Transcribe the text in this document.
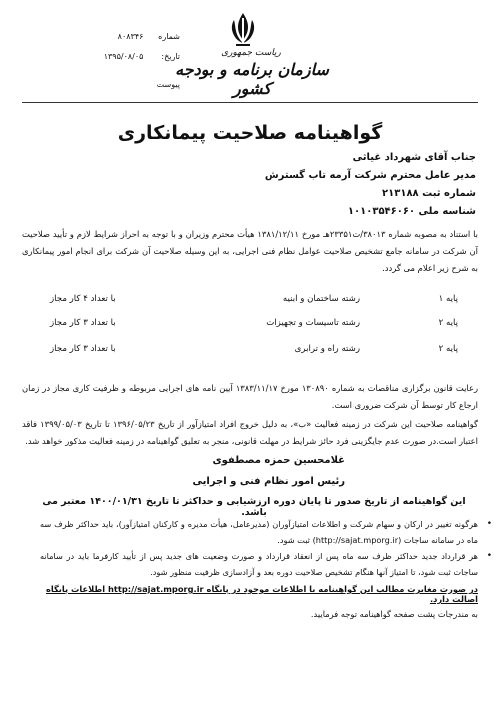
ریاست جمهوری
سازمان برنامه و بودجه کشور
شماره ۸۰۸۳۴۶
تاریخ: ۱۳۹۵/۰۸/۰۵
پیوست
گواهینامه صلاحیت پیمانکاری
جناب آقای شهرداد غیاثی
مدیر عامل محترم شرکت آرمه تاب گسترش
شماره ثبت ۲۱۳۱۸۸
شناسه ملی ۱۰۱۰۳۵۴۶۰۶۰
با استناد به مصوبه شماره ۳۸۰۱۳/ت۲۳۳۵۱هـ مورخ ۱۳۸۱/۱۲/۱۱ هیأت محترم وزیران و با توجه به احراز شرایط لازم و تأیید صلاحیت آن شرکت در سامانه جامع تشخیص صلاحیت عوامل نظام فنی اجرایی، به این وسیله صلاحیت آن شرکت برای انجام امور پیمانکاری به شرح زیر اعلام می گردد.
پایه ۱
رشته ساختمان و ابنیه
با تعداد ۴ کار مجاز
پایه ۲
رشته تاسیسات و تجهیزات
با تعداد ۳ کار مجاز
پایه ۲
رشته راه و ترابری
با تعداد ۳ کار مجاز
رعایت قانون برگزاری مناقصات به شماره ۱۳۰۸۹۰ مورخ ۱۳۸۳/۱۱/۱۷ آیین نامه های اجرایی مربوطه و ظرفیت کاری مجاز در زمان ارجاع کار توسط آن شرکت ضروری است.
گواهینامه صلاحیت این شرکت در زمینه فعالیت «ب»، به دلیل خروج افراد امتیازآور از تاریخ ۱۳۹۶/۰۵/۲۳ تا تاریخ ۱۳۹۹/۰۵/۰۳ فاقد اعتبار است.در صورت عدم جایگزینی فرد حائز شرایط در مهلت قانونی، منجر به تعلیق گواهینامه در زمینه فعالیت مذکور خواهد شد.
غلامحسین حمزه مصطفوی
رئیس امور نظام فنی و اجرایی
این گواهینامه از تاریخ صدور تا پایان دوره ارزشیابی و حداکثر تا تاریخ ۱۴۰۰/۰۱/۳۱ معتبر می باشد.
•
هرگونه تغییر در ارکان و سهام شرکت و اطلاعات امتیازآوران (مدیرعامل، هیأت مدیره و کارکنان امتیازآور)، باید حداکثر ظرف سه ماه در سامانه ساجات (http://sajat.mporg.ir) ثبت شود.
•
هر قرارداد جدید حداکثر ظرف سه ماه پس از انعقاد قرارداد و صورت وضعیت های جدید پس از تأیید کارفرما باید در سامانه ساجات ثبت شود، تا امتیاز آنها هنگام تشخیص صلاحیت دوره بعد و آزادسازی ظرفیت منظور شود.
در صورت مغایرت مطالب این گواهینامه با اطلاعات موجود در پایگاه http://sajat.mporg.ir اطلاعات پایگاه اصالت دارد.
به مندرجات پشت صفحه گواهینامه توجه فرمایید.
